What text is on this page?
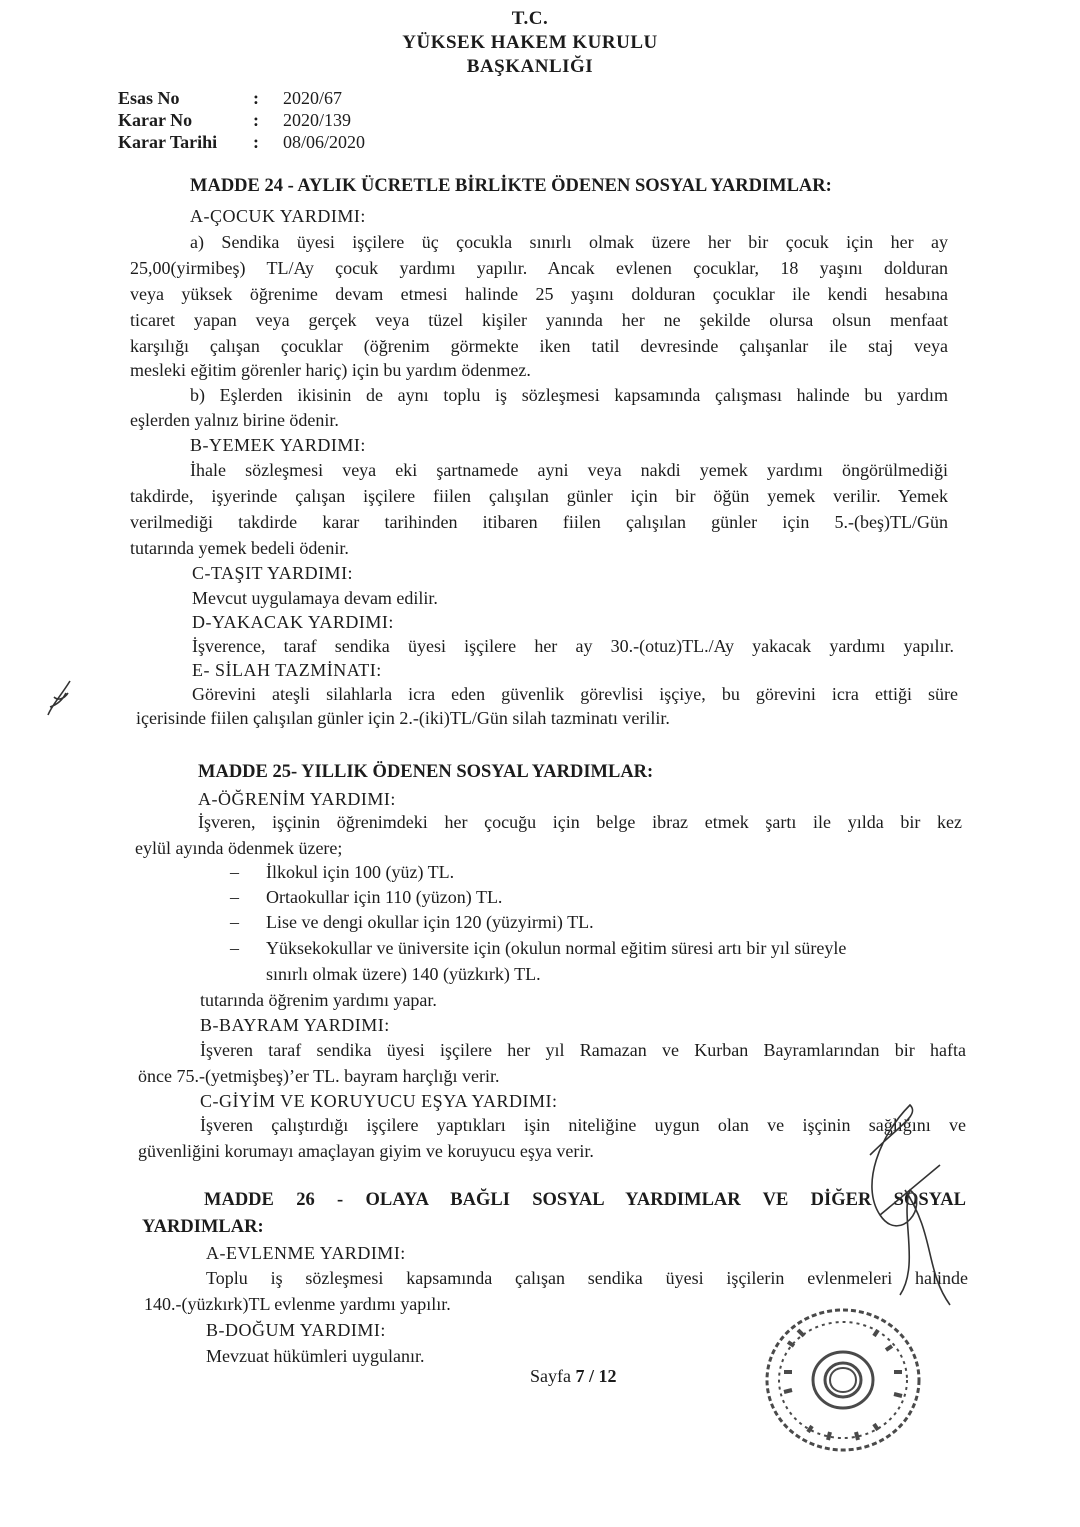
T.C.
YÜKSEK HAKEM KURULU
BAŞKANLIĞI
Esas No	:	2020/67
Karar No	:	2020/139
Karar Tarihi	:	08/06/2020
MADDE 24 - AYLIK ÜCRETLE BİRLİKTE ÖDENEN SOSYAL YARDIMLAR:
A-ÇOCUK YARDIMI:
a) Sendika üyesi işçilere üç çocukla sınırlı olmak üzere her bir çocuk için her ay
25,00(yirmibeş) TL/Ay çocuk yardımı yapılır. Ancak evlenen çocuklar, 18 yaşını dolduran
veya yüksek öğrenime devam etmesi halinde 25 yaşını dolduran çocuklar ile kendi hesabına
ticaret yapan veya gerçek veya tüzel kişiler yanında her ne şekilde olursa olsun menfaat
karşılığı çalışan çocuklar (öğrenim görmekte iken tatil devresinde çalışanlar ile staj veya
mesleki eğitim görenler hariç) için bu yardım ödenmez.
b) Eşlerden ikisinin de aynı toplu iş sözleşmesi kapsamında çalışması halinde bu yardım
eşlerden yalnız birine ödenir.
B-YEMEK YARDIMI:
İhale sözleşmesi veya eki şartnamede ayni veya nakdi yemek yardımı öngörülmediği
takdirde, işyerinde çalışan işçilere fiilen çalışılan günler için bir öğün yemek verilir. Yemek
verilmediği takdirde karar tarihinden itibaren fiilen çalışılan günler için 5.-(beş)TL/Gün
tutarında yemek bedeli ödenir.
C-TAŞIT YARDIMI:
Mevcut uygulamaya devam edilir.
D-YAKACAK YARDIMI:
İşverence, taraf sendika üyesi işçilere her ay 30.-(otuz)TL./Ay yakacak yardımı yapılır.
E- SİLAH TAZMİNATI:
Görevini ateşli silahlarla icra eden güvenlik görevlisi işçiye, bu görevini icra ettiği süre
içerisinde fiilen çalışılan günler için 2.-(iki)TL/Gün silah tazminatı verilir.
MADDE 25- YILLIK ÖDENEN SOSYAL YARDIMLAR:
A-ÖĞRENİM YARDIMI:
İşveren, işçinin öğrenimdeki her çocuğu için belge ibraz etmek şartı ile yılda bir kez
eylül ayında ödenmek üzere;
– İlkokul için 100 (yüz) TL.
– Ortaokullar için 110 (yüzon) TL.
– Lise ve dengi okullar için 120 (yüzyirmi) TL.
– Yüksekokullar ve üniversite için (okulun normal eğitim süresi artı bir yıl süreyle
sınırlı olmak üzere) 140 (yüzkırk) TL.
tutarında öğrenim yardımı yapar.
B-BAYRAM YARDIMI:
İşveren taraf sendika üyesi işçilere her yıl Ramazan ve Kurban Bayramlarından bir hafta
önce 75.-(yetmişbeş)’er TL. bayram harçlığı verir.
C-GİYİM VE KORUYUCU EŞYA YARDIMI:
İşveren çalıştırdığı işçilere yaptıkları işin niteliğine uygun olan ve işçinin sağlığını ve
güvenliğini korumayı amaçlayan giyim ve koruyucu eşya verir.
MADDE 26 - OLAYA BAĞLI SOSYAL YARDIMLAR VE DİĞER SOSYAL
YARDIMLAR:
A-EVLENME YARDIMI:
Toplu iş sözleşmesi kapsamında çalışan sendika üyesi işçilerin evlenmeleri halinde
140.-(yüzkırk)TL evlenme yardımı yapılır.
B-DOĞUM YARDIMI:
Mevzuat hükümleri uygulanır.
Sayfa 7 / 12
